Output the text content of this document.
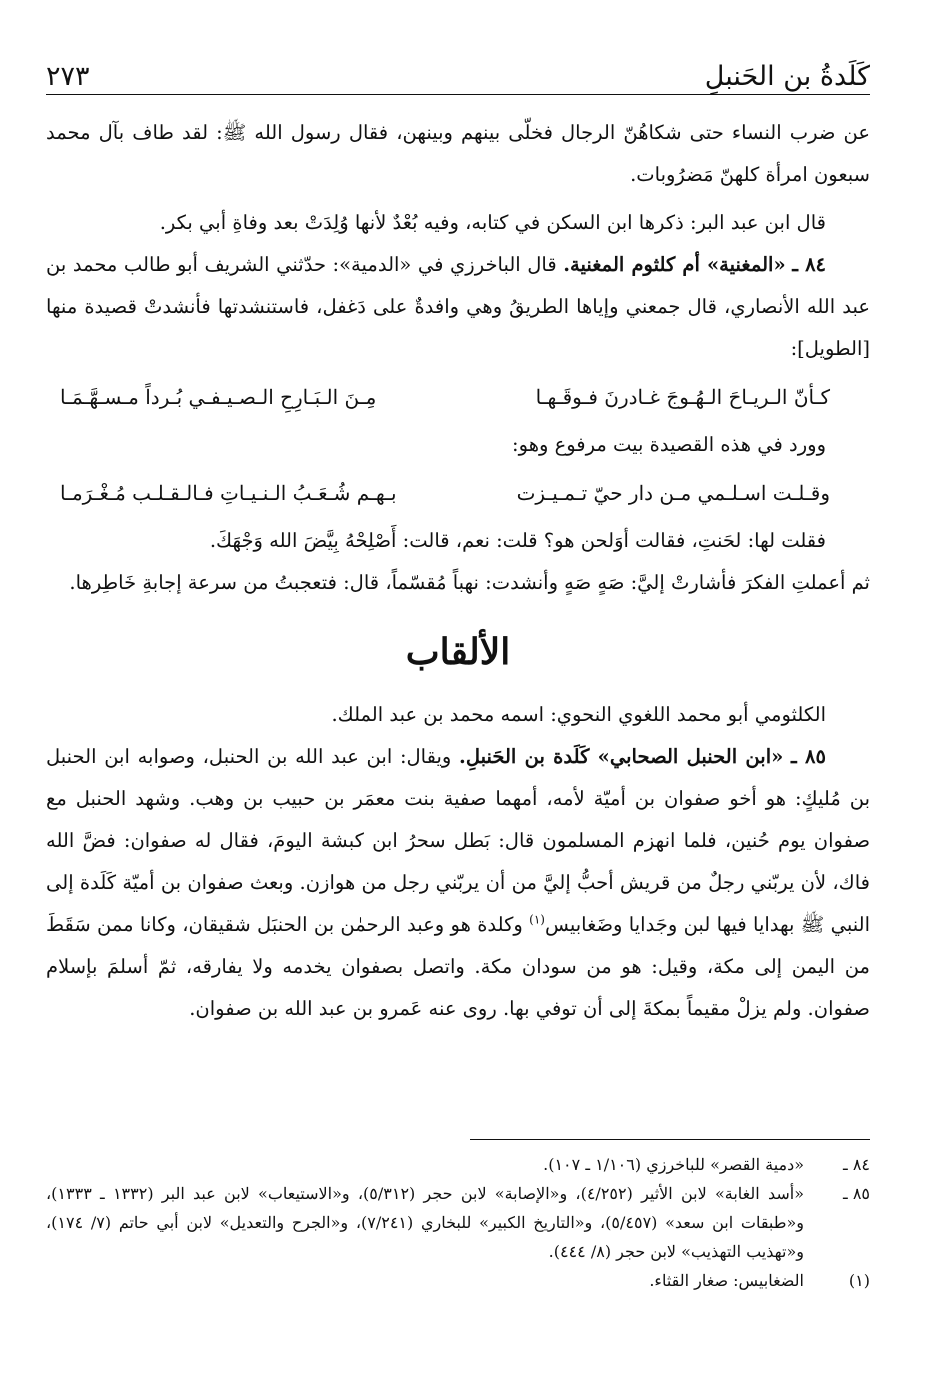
كَلَدةُ بن الحَنبلِ
٢٧٣

عن ضرب النساء حتى شكاهُنّ الرجال فخلّى بينهم وبينهن، فقال رسول الله ﷺ: لقد طاف بآل محمد سبعون امرأة كلهنّ مَضرُوبات.

قال ابن عبد البر: ذكرها ابن السكن في كتابه، وفيه بُعْدٌ لأنها وُلِدَتْ بعد وفاةِ أبي بكر.

٨٤ ـ «المغنية» أم كلثوم المغنية. قال الباخرزي في «الدمية»: حدّثني الشريف أبو طالب محمد بن عبد الله الأنصاري، قال جمعني وإياها الطريقُ وهي وافدةٌ على دَغفل، فاستنشدتها فأنشدتْ قصيدة منها [الطويل]:

كـأنّ الـريـاحَ الـهُـوجَ غـادرنَ فـوقَـهـا
مِـنَ الـبَـارِحِ الـصـيـفـي بُـرداً مـسـهَّـمَـا

وورد في هذه القصيدة بيت مرفوع وهو:

وقـلـت اسـلـمي مـن دار حيّ تـمـيـزت
بـهـم شُـعَـبُ الـنـيـاتِ فـالـقـلـب مُـغْـرَمـا

فقلت لها: لحَنتِ، فقالت أوَلحن هو؟ قلت: نعم، قالت: أَصْلِحْهُ بِيَّضَ الله وَجْهَكَ.

ثم أعملتِ الفكرَ فأشارتْ إليَّ: صَهٍ صَهٍ وأنشدت: نهباً مُقسّماً، قال: فتعجبتُ من سرعة إجابةِ خَاطِرها.

الألقاب

الكلثومي أبو محمد اللغوي النحوي: اسمه محمد بن عبد الملك.

٨٥ ـ «ابن الحنبل الصحابي» كَلَدة بن الحَنبلِ. ويقال: ابن عبد الله بن الحنبل، وصوابه ابن الحنبل بن مُليكٍ: هو أخو صفوان بن أميّة لأمه، أمهما صفية بنت معمَر بن حبيب بن وهب. وشهد الحنبل مع صفوان يوم حُنين، فلما انهزم المسلمون قال: بَطل سحرُ ابن كبشة اليومَ، فقال له صفوان: فضَّ الله فاك، لأن يربّني رجلٌ من قريش أحبُّ إليَّ من أن يربّني رجل من هوازن. وبعث صفوان بن أميّة كَلَدة إلى النبي ﷺ بهدايا فيها لبن وجَدايا وضَغابيس$^{(١)}$ وكلدة هو وعبد الرحمٰن بن الحنبَل شقيقان، وكانا ممن سَقَطَ من اليمن إلى مكة، وقيل: هو من سودان مكة. واتصل بصفوان يخدمه ولا يفارقه، ثمّ أسلمَ بإسلام صفوان. ولم يزلْ مقيماً بمكةَ إلى أن توفي بها. روى عنه عَمرو بن عبد الله بن صفوان.

٨٤ ـ
«دمية القصر» للباخرزي (١/١٠٦ ـ ١٠٧).
٨٥ ـ
«أسد الغابة» لابن الأثير (٤/٢٥٢)، و«الإصابة» لابن حجر (٥/٣١٢)، و«الاستيعاب» لابن عبد البر (١٣٣٢ ـ ١٣٣٣)، و«طبقات ابن سعد» (٥/٤٥٧)، و«التاريخ الكبير» للبخاري (٧/٢٤١)، و«الجرح والتعديل» لابن أبي حاتم (٧/ ١٧٤)، و«تهذيب التهذيب» لابن حجر (٨/ ٤٤٤).
(١)
الضغابيس: صغار القثاء.
